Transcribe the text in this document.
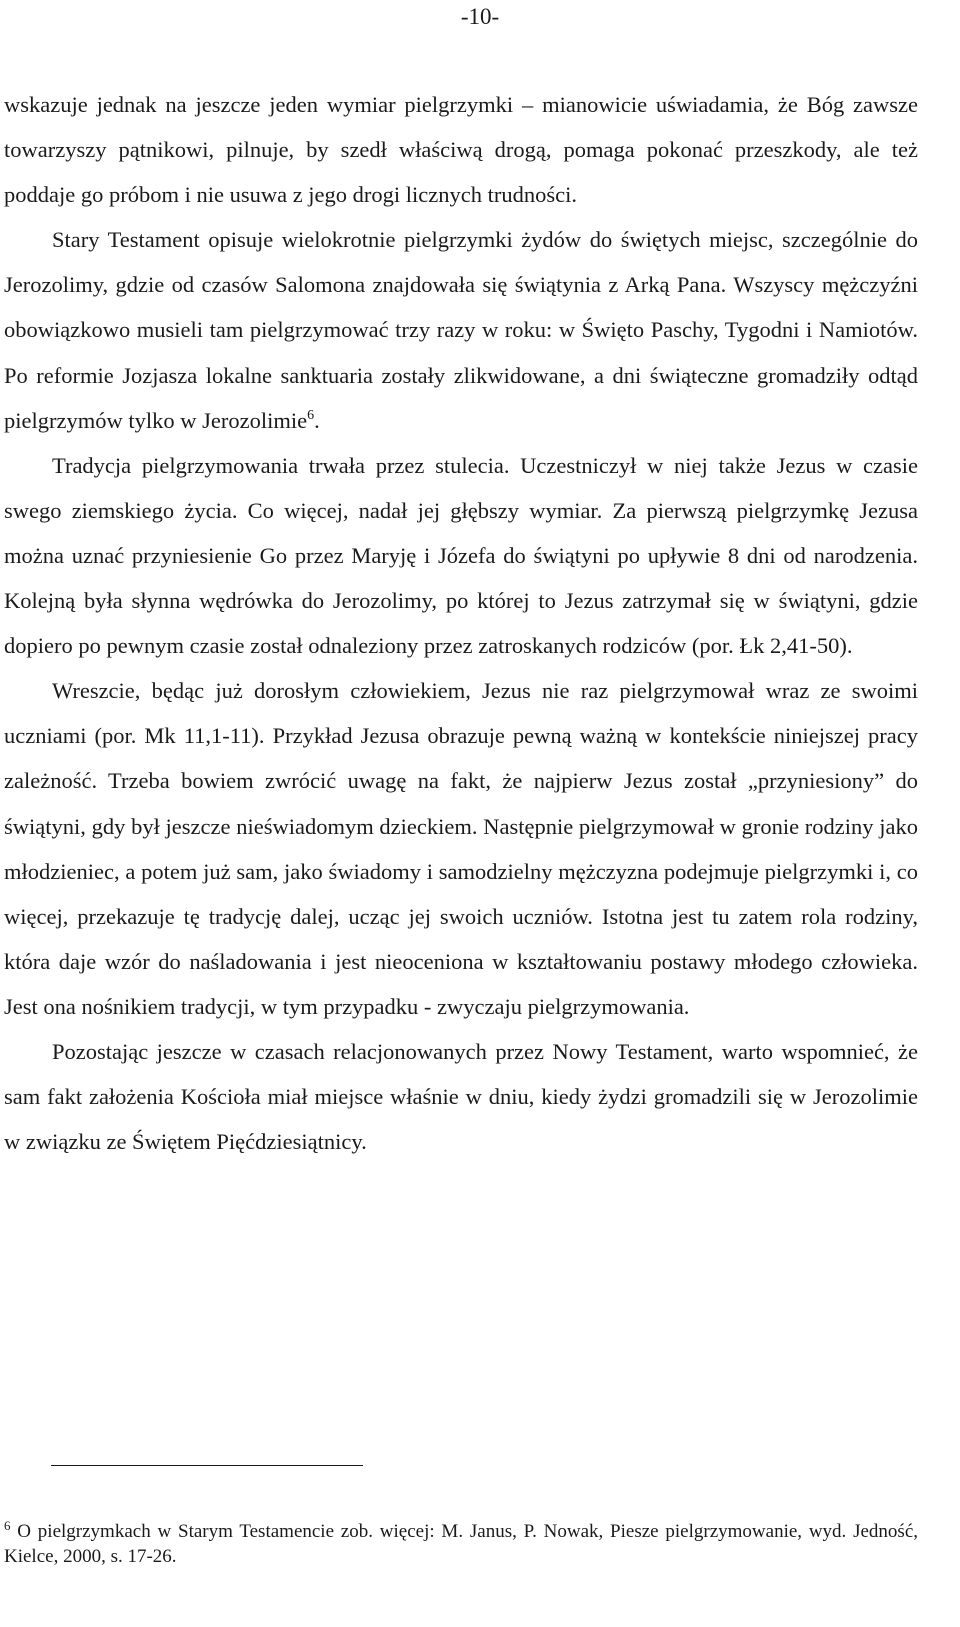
-10-

wskazuje jednak na jeszcze jeden wymiar pielgrzymki – mianowicie uświadamia, że Bóg zawsze towarzyszy pątnikowi, pilnuje, by szedł właściwą drogą, pomaga pokonać przeszkody, ale też poddaje go próbom i nie usuwa z jego drogi licznych trudności.

Stary Testament opisuje wielokrotnie pielgrzymki żydów do świętych miejsc, szczególnie do Jerozolimy, gdzie od czasów Salomona znajdowała się świątynia z Arką Pana. Wszyscy mężczyźni obowiązkowo musieli tam pielgrzymować trzy razy w roku: w Święto Paschy, Tygodni i Namiotów. Po reformie Jozjasza lokalne sanktuaria zostały zlikwidowane, a dni świąteczne gromadziły odtąd pielgrzymów tylko w Jerozolimie$^6$.

Tradycja pielgrzymowania trwała przez stulecia. Uczestniczył w niej także Jezus w czasie swego ziemskiego życia. Co więcej, nadał jej głębszy wymiar. Za pierwszą pielgrzymkę Jezusa można uznać przyniesienie Go przez Maryję i Józefa do świątyni po upływie 8 dni od narodzenia. Kolejną była słynna wędrówka do Jerozolimy, po której to Jezus zatrzymał się w świątyni, gdzie dopiero po pewnym czasie został odnaleziony przez zatroskanych rodziców (por. Łk 2,41-50).

Wreszcie, będąc już dorosłym człowiekiem, Jezus nie raz pielgrzymował wraz ze swoimi uczniami (por. Mk 11,1-11). Przykład Jezusa obrazuje pewną ważną w kontekście niniejszej pracy zależność. Trzeba bowiem zwrócić uwagę na fakt, że najpierw Jezus został „przyniesiony” do świątyni, gdy był jeszcze nieświadomym dzieckiem. Następnie pielgrzymował w gronie rodziny jako młodzieniec, a potem już sam, jako świadomy i samodzielny mężczyzna podejmuje pielgrzymki i, co więcej, przekazuje tę tradycję dalej, ucząc jej swoich uczniów. Istotna jest tu zatem rola rodziny, która daje wzór do naśladowania i jest nieoceniona w kształtowaniu postawy młodego człowieka. Jest ona nośnikiem tradycji, w tym przypadku - zwyczaju pielgrzymowania.

Pozostając jeszcze w czasach relacjonowanych przez Nowy Testament, warto wspomnieć, że sam fakt założenia Kościoła miał miejsce właśnie w dniu, kiedy żydzi gromadzili się w Jerozolimie w związku ze Świętem Pięćdziesiątnicy.

$^6$ O pielgrzymkach w Starym Testamencie zob. więcej: M. Janus, P. Nowak, Piesze pielgrzymowanie, wyd. Jedność, Kielce, 2000, s. 17-26.
